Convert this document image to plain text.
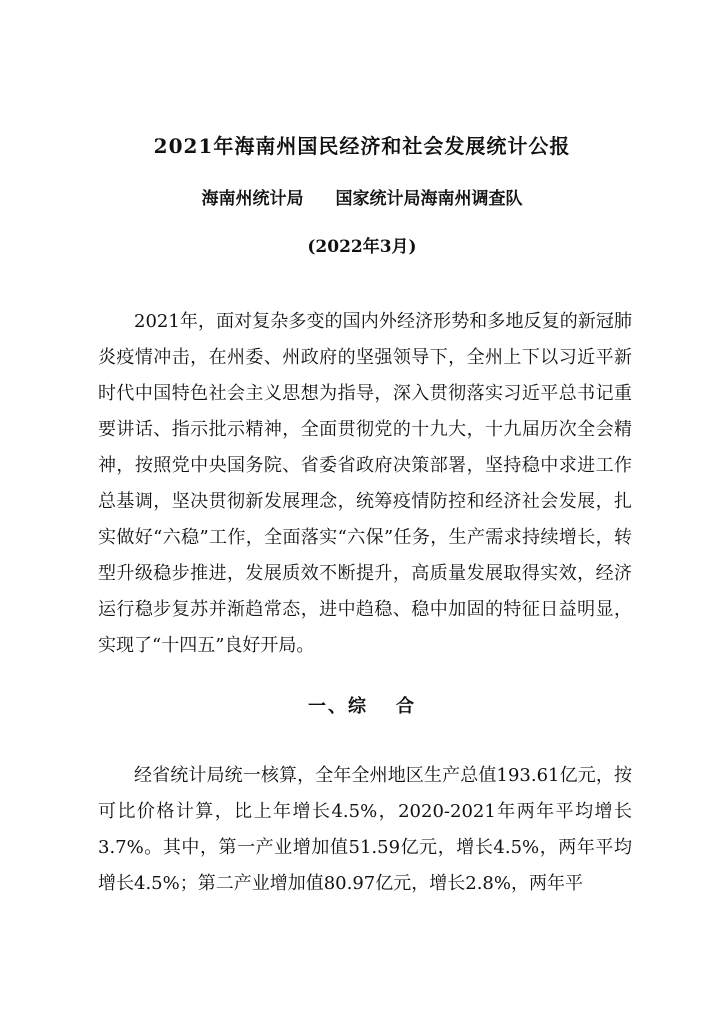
2021年海南州国民经济和社会发展统计公报
海南州统计局 国家统计局海南州调查队
(2022年3月)

2021年，面对复杂多变的国内外经济形势和多地反复的新冠肺炎疫情冲击，在州委、州政府的坚强领导下，全州上下以习近平新时代中国特色社会主义思想为指导，深入贯彻落实习近平总书记重要讲话、指示批示精神，全面贯彻党的十九大，十九届历次全会精神，按照党中央国务院、省委省政府决策部署，坚持稳中求进工作总基调，坚决贯彻新发展理念，统筹疫情防控和经济社会发展，扎实做好“六稳”工作，全面落实“六保”任务，生产需求持续增长，转型升级稳步推进，发展质效不断提升，高质量发展取得实效，经济运行稳步复苏并渐趋常态，进中趋稳、稳中加固的特征日益明显，实现了“十四五”良好开局。

一、综 合

经省统计局统一核算，全年全州地区生产总值193.61亿元，按可比价格计算，比上年增长4.5%，2020-2021年两年平均增长3.7%。其中，第一产业增加值51.59亿元，增长4.5%，两年平均增长4.5%；第二产业增加值80.97亿元，增长2.8%，两年平
